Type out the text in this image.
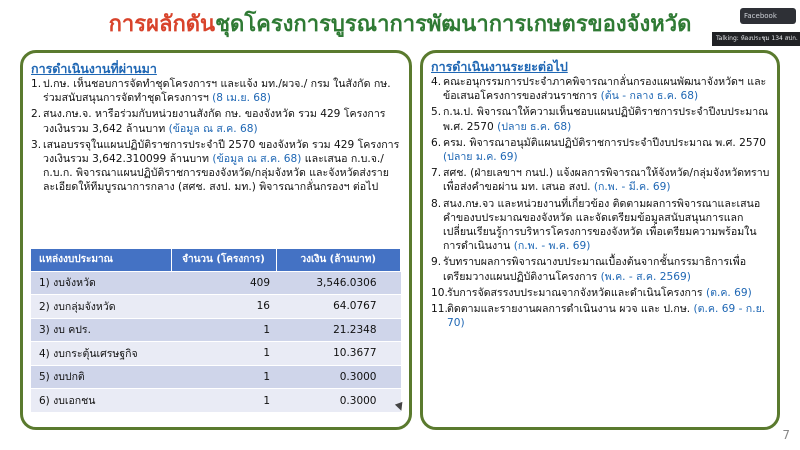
การผลักดันชุดโครงการบูรณาการพัฒนาการเกษตรของจังหวัด	Facebook
Talking: ห้องประชุม 134 สปก.
การดำเนินงานที่ผ่านมา
1. ป.กษ. เห็นชอบการจัดทำชุดโครงการฯ และแจ้ง มท./ผวจ./ กรม ในสังกัด กษ. ร่วมสนับสนุนการจัดทำชุดโครงการฯ (8 เม.ย. 68)
2. สนง.กษ.จ. หารือร่วมกับหน่วยงานสังกัด กษ. ของจังหวัด รวม 429 โครงการ วงเงินรวม 3,642 ล้านบาท (ข้อมูล ณ ส.ค. 68)
3. เสนอบรรจุในแผนปฏิบัติราชการประจำปี 2570 ของจังหวัด รวม 429 โครงการ วงเงินรวม 3,642.310099 ล้านบาท (ข้อมูล ณ ส.ค. 68) และเสนอ ก.บ.จ./ก.บ.ก. พิจารณาแผนปฏิบัติราชการของจังหวัด/กลุ่มจังหวัด และจังหวัดส่งรายละเอียดให้ทีมบูรณาการกลาง (สศช. สงป. มท.) พิจารณากลั่นกรองฯ ต่อไป
แหล่งงบประมาณ	จำนวน (โครงการ)	วงเงิน (ล้านบาท)
1) งบจังหวัด	409	3,546.0306
2) งบกลุ่มจังหวัด	16	64.0767
3) งบ คปร.	1	21.2348
4) งบกระตุ้นเศรษฐกิจ	1	10.3677
5) งบปกติ	1	0.3000
6) งบเอกชน	1	0.3000
การดำเนินงานระยะต่อไป
4. คณะอนุกรรมการประจำภาคพิจารณากลั่นกรองแผนพัฒนาจังหวัดฯ และข้อเสนอโครงการของส่วนราชการ (ต้น - กลาง ธ.ค. 68)
5. ก.น.ป. พิจารณาให้ความเห็นชอบแผนปฏิบัติราชการประจำปีงบประมาณ พ.ศ. 2570 (ปลาย ธ.ค. 68)
6. ครม. พิจารณาอนุมัติแผนปฏิบัติราชการประจำปีงบประมาณ พ.ศ. 2570 (ปลาย ม.ค. 69)
7. สศช. (ฝ่ายเลขาฯ กนป.) แจ้งผลการพิจารณาให้จังหวัด/กลุ่มจังหวัดทราบ เพื่อส่งคำขอผ่าน มท. เสนอ สงป. (ก.พ. - มี.ค. 69)
8. สนง.กษ.จว และหน่วยงานที่เกี่ยวข้อง ติดตามผลการพิจารณาและเสนอคำของบประมาณของจังหวัด และจัดเตรียมข้อมูลสนับสนุนการแลกเปลี่ยนเรียนรู้การบริหารโครงการของจังหวัด เพื่อเตรียมความพร้อมในการดำเนินงาน (ก.พ. - พ.ค. 69)
9. รับทราบผลการพิจารณางบประมาณเบื้องต้นจากชั้นกรรมาธิการเพื่อเตรียมวางแผนปฏิบัติงานโครงการ (พ.ค. - ส.ค. 2569)
10. รับการจัดสรรงบประมาณจากจังหวัดและดำเนินโครงการ (ต.ค. 69)
11. ติดตามและรายงานผลการดำเนินงาน ผวจ และ ป.กษ. (ต.ค. 69 - ก.ย. 70)
7
